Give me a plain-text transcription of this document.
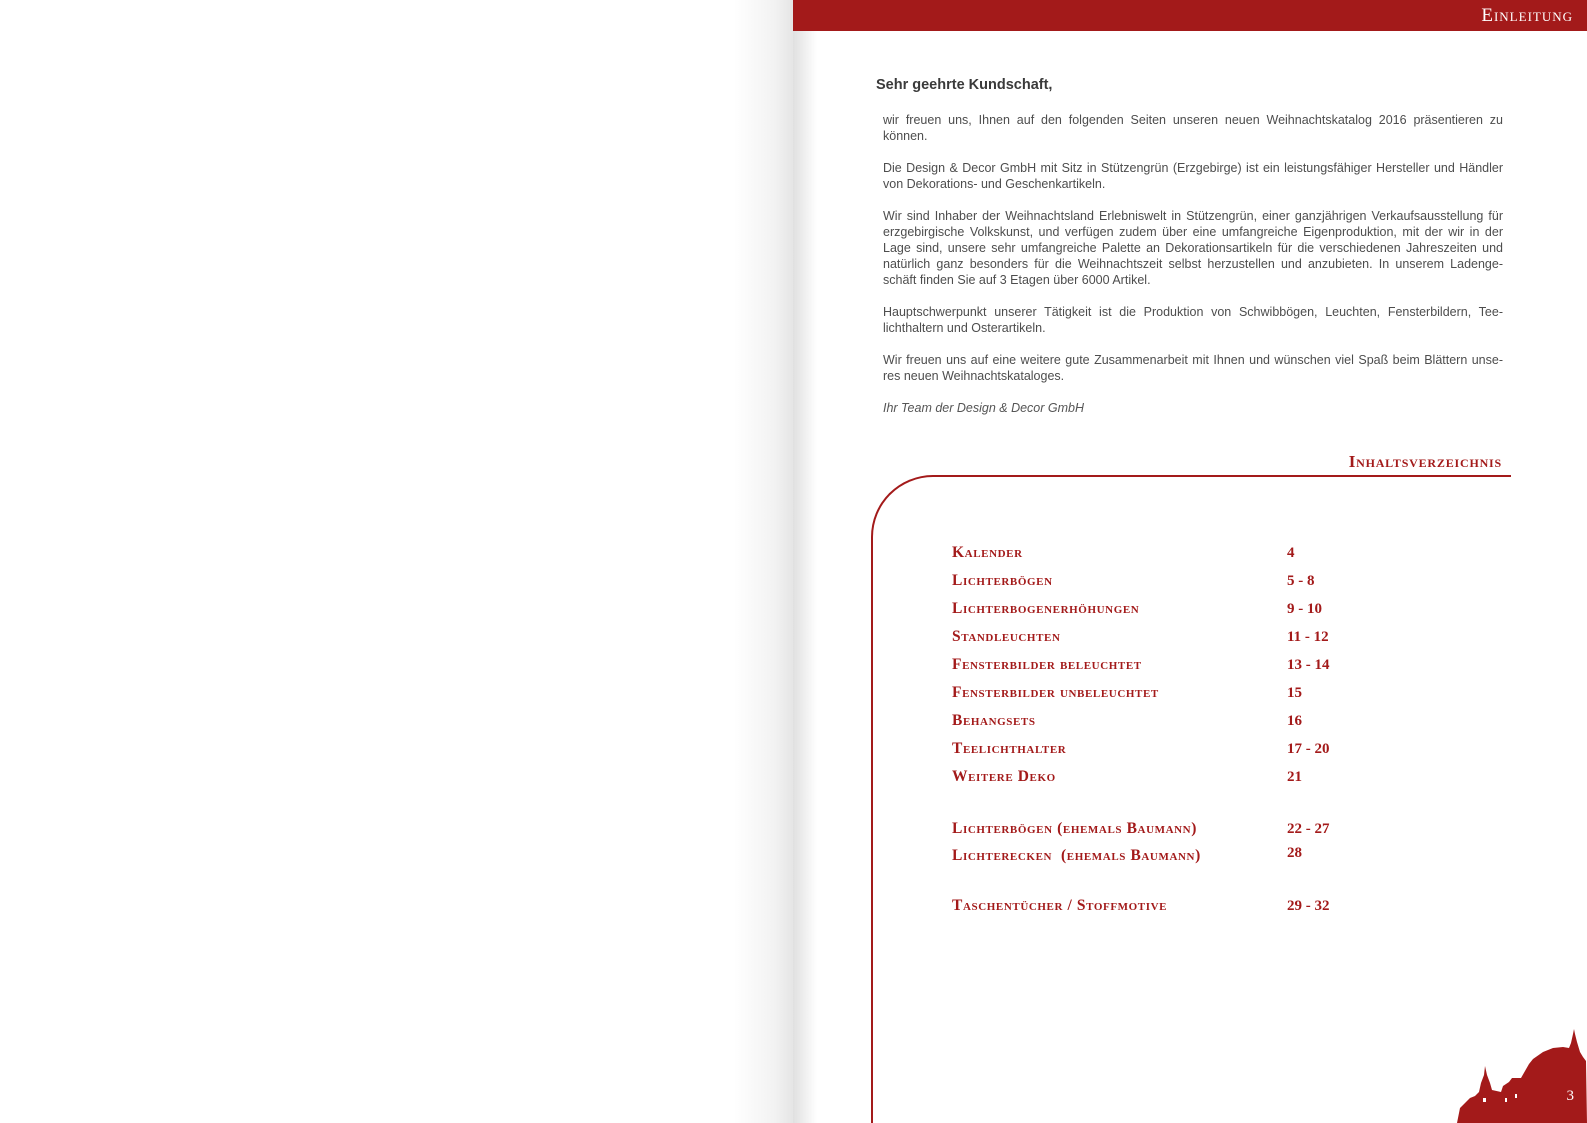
Einleitung
Sehr geehrte Kundschaft,

wir freuen uns, Ihnen auf den folgenden Seiten unseren neuen Weihnachtskatalog 2016 präsentieren zu können.

Die Design & Decor GmbH mit Sitz in Stützengrün (Erzgebirge) ist ein leistungsfähiger Hersteller und Händler von Dekorations- und Geschenkartikeln.

Wir sind Inhaber der Weihnachtsland Erlebniswelt in Stützengrün, einer ganzjährigen Verkaufsausstellung für erzgebirgische Volkskunst, und verfügen zudem über eine umfangreiche Eigenproduktion, mit der wir in der Lage sind, unsere sehr umfangreiche Palette an Dekorationsartikeln für die verschiedenen Jahreszeiten und natürlich ganz besonders für die Weihnachtszeit selbst herzustellen und anzubieten. In unserem Ladenge-schäft finden Sie auf 3 Etagen über 6000 Artikel.

Hauptschwerpunkt unserer Tätigkeit ist die Produktion von Schwibbögen, Leuchten, Fensterbildern, Tee-lichthaltern und Osterartikeln.

Wir freuen uns auf eine weitere gute Zusammenarbeit mit Ihnen und wünschen viel Spaß beim Blättern unse-res neuen Weihnachtskataloges.

Ihr Team der Design & Decor GmbH

Inhaltsverzeichnis
Kalender	4
Lichterbögen	5 - 8
Lichterbogenerhöhungen	9 - 10
Standleuchten	11 - 12
Fensterbilder beleuchtet	13 - 14
Fensterbilder unbeleuchtet	15
Behangsets	16
Teelichthalter	17 - 20
Weitere Deko	21
Lichterbögen (ehemals Baumann)	22 - 27
Lichterecken  (ehemals Baumann)	28
Taschentücher / Stoffmotive	29 - 32
3
